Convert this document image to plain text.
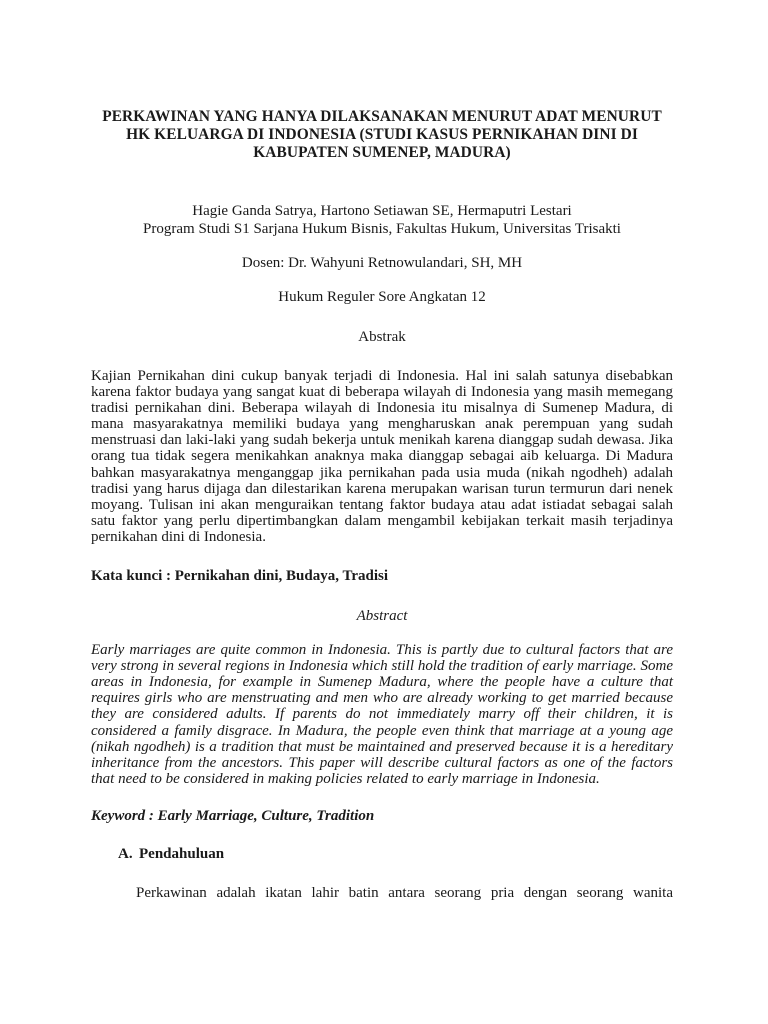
PERKAWINAN YANG HANYA DILAKSANAKAN MENURUT ADAT MENURUT HK KELUARGA DI INDONESIA (STUDI KASUS PERNIKAHAN DINI DI KABUPATEN SUMENEP, MADURA)

Hagie Ganda Satrya, Hartono Setiawan SE, Hermaputri Lestari

Program Studi S1 Sarjana Hukum Bisnis, Fakultas Hukum, Universitas Trisakti

Dosen: Dr. Wahyuni Retnowulandari, SH, MH

Hukum Reguler Sore Angkatan 12

Abstrak

Kajian Pernikahan dini cukup banyak terjadi di Indonesia. Hal ini salah satunya disebabkan karena faktor budaya yang sangat kuat di beberapa wilayah di Indonesia yang masih memegang tradisi pernikahan dini. Beberapa wilayah di Indonesia itu misalnya di Sumenep Madura, di mana masyarakatnya memiliki budaya yang mengharuskan anak perempuan yang sudah menstruasi dan laki-laki yang sudah bekerja untuk menikah karena dianggap sudah dewasa. Jika orang tua tidak segera menikahkan anaknya maka dianggap sebagai aib keluarga. Di Madura bahkan masyarakatnya menganggap jika pernikahan pada usia muda (nikah ngodheh) adalah tradisi yang harus dijaga dan dilestarikan karena merupakan warisan turun termurun dari nenek moyang. Tulisan ini akan menguraikan tentang faktor budaya atau adat istiadat sebagai salah satu faktor yang perlu dipertimbangkan dalam mengambil kebijakan terkait masih terjadinya pernikahan dini di Indonesia.

Kata kunci : Pernikahan dini, Budaya, Tradisi

Abstract

Early marriages are quite common in Indonesia. This is partly due to cultural factors that are very strong in several regions in Indonesia which still hold the tradition of early marriage. Some areas in Indonesia, for example in Sumenep Madura, where the people have a culture that requires girls who are menstruating and men who are already working to get married because they are considered adults. If parents do not immediately marry off their children, it is considered a family disgrace. In Madura, the people even think that marriage at a young age (nikah ngodheh) is a tradition that must be maintained and preserved because it is a hereditary inheritance from the ancestors. This paper will describe cultural factors as one of the factors that need to be considered in making policies related to early marriage in Indonesia.

Keyword : Early Marriage, Culture, Tradition

A. Pendahuluan

Perkawinan adalah ikatan lahir batin antara seorang pria dengan seorang wanita
